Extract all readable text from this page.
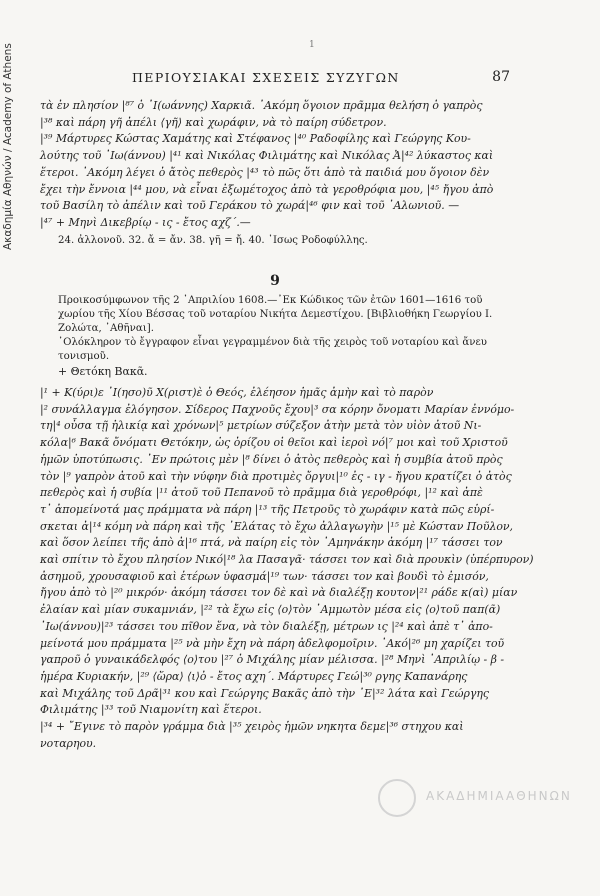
1
Ακαδημία Αθηνών / Academy of Athens	ΠΕΡΙΟΥΣΙΑΚΑΙ ΣΧΕΣΕΙΣ ΣΥΖΥΓΩΝ	87
τὰ ἐν πλησίον |⁸⁷ ὁ ᾽Ι(ωάννης) Χαρκιᾶ. ᾽Ακόμη ὅγοιον πρᾶμμα θελήση ὁ γαπρὸς
|³⁸ καὶ πάρη γῆ ἀπέλι ⟨γῆ⟩ καὶ χωράφιν, νὰ τὸ παίρη σύδετρον.
|³⁹ Μάρτυρες Κώστας Χαμάτης καὶ Στέφανος |⁴⁰ Ραδοφίλης καὶ Γεώργης Κου-
λούτης τοῦ ᾽Ιω(άννου) |⁴¹ καὶ Νικόλας Φιλιμάτης καὶ Νικόλας Ἀ|⁴² λύκαστος καὶ
ἕτεροι. ᾽Ακόμη λέγει ὁ ἄτὸς πεθερὸς |⁴³ τὸ πῶς ὅτι ἀπὸ τὰ παιδιά μου ὅγοιον δὲν
ἔχει τὴν ἔννοια |⁴⁴ μου, νὰ εἶναι ἐξωμέτοχος ἀπὸ τὰ γεροθρόφια μου, |⁴⁵ ἤγου ἀπὸ
τοῦ Βασίλη τὸ ἀπέλιν καὶ τοῦ Γεράκου τὸ χωρά|⁴⁶ φιν καὶ τοῦ ᾽Αλωνιοῦ. —
|⁴⁷ + Μηνὶ Δικεβρίῳ - ις - ἔτος αχζ΄.—
24. ἀλλονοῦ. 32. ἄ = ἄν. 38. γῆ = ἤ. 40. ᾽Ισως Ροδοφύλλης.
9
Προικοσύμφωνον τῆς 2 ᾽Απριλίου 1608.—᾽Εκ Κώδικος τῶν ἐτῶν 1601—1616 τοῦ
χωρίου τῆς Χίου Βέσσας τοῦ νοταρίου Νικήτα Δεμεστίχου. [Βιβλιοθήκη Γεωργίου Ι.
Ζολώτα, ᾽Αθῆναι].
᾽Ολόκληρον τὸ ἔγγραφον εἶναι γεγραμμένον διὰ τῆς χειρὸς τοῦ νοταρίου καὶ ἄνευ
τονισμοῦ.
+ Θετόκη Βακᾶ.
|¹ + Κ(ύρι)ε ᾽Ι(ησο)ῦ Χ(ριστ)ὲ ὁ Θεός, ἐλέησον ἡμᾶς ἀμὴν καὶ τὸ παρὸν
|² συνάλλαγμα ἐλόγησον. Σίδερος Παχνοῦς ἔχου|³ σα κόρην ὄνοματι Μαρίαν ἐννόμο-
τη|⁴ οὖσα τῇ ἡλικίᾳ καὶ χρόνων|⁵ μετρίων σύζεξον ἀτὴν μετὰ τὸν υἱὸν ἀτοῦ Νι-
κόλα|⁶ Βακᾶ ὄνόματι Θετόκην, ὡς ὁρίζου οἱ θεῖοι καὶ ἱεροὶ νό|⁷ μοι καὶ τοῦ Χριστοῦ
ἡμῶν ὑποτύπωσις. ᾽Εν πρώτοις μὲν |⁸ δίνει ὁ ἀτὸς πεθερὸς καὶ ἡ συμβία ἀτοῦ πρὸς
τὸν |⁹ γαπρὸν ἀτοῦ καὶ τὴν νύφην διὰ προτιμὲς ὄργυι|¹⁰ ἐς - ιγ - ἤγου κρατίζει ὁ ἀτὸς
πεθερὸς καὶ ἡ συβία |¹¹ ἀτοῦ τοῦ Πεπανοῦ τὸ πρᾶμμα διὰ γεροθρόφι, |¹² καὶ ἀπὲ
τ᾽ ἀπομείνοτά μας πράμματα νὰ πάρη |¹³ τῆς Πετροῦς τὸ χωράφιν κατὰ πῶς εὑρί-
σκεται ἀ|¹⁴ κόμη νὰ πάρη καὶ τῆς ᾽Ελάτας τὸ ἔχω ἀλλαγωγὴν |¹⁵ μὲ Κώσταν Ποῦλον,
καὶ ὅσον λείπει τῆς ἀπὸ ἀ|¹⁶ πτά, νὰ παίρη εἰς τὸν ᾽Αμηνάκην ἀκόμη |¹⁷ τάσσει τον
καὶ σπίτιν τὸ ἔχου πλησίον Νικό|¹⁸ λα Πασαγᾶ· τάσσει τον καὶ διὰ προυκὶν (ὑπέρπυρον)
ἀσημοῦ, χρουσαφιοῦ καὶ ἑτέρων ὑφασμά|¹⁹ των· τάσσει τον καὶ βουδὶ τὸ ἐμισόν,
ἤγου ἀπὸ τὸ |²⁰ μικρόν· ἀκόμη τάσσει τον δὲ καὶ νὰ διαλέξῃ κουτον|²¹ ράδε κ(αὶ) μίαν
ἐλαίαν καὶ μίαν συκαμνιάν, |²² τὰ ἔχω εἰς ⟨ο⟩τὸν ᾽Αμμωτὸν μέσα εἰς ⟨ο⟩τοῦ παπ(ᾶ)
᾽Ιω(άννου)|²³ τάσσει του πῖθον ἕνα, νὰ τὸν διαλέξῃ, μέτρων ις |²⁴ καὶ ἀπὲ τ᾽ ἀπο-
μείνοτά μου πράμματα |²⁵ νὰ μὴν ἔχη νὰ πάρη ἀδελφομοῖριν. ᾽Ακό|²⁶ μη χαρίζει τοῦ
γαπροῦ ὁ γυναικάδελφός ⟨ο⟩του |²⁷ ὁ Μιχάλης μίαν μέλισσα. |²⁸ Μηνὶ ᾽Απριλίῳ - β -
ἡμέρα Κυριακήν, |²⁹ ⟨ὥρα⟩ ⟨ι⟩ὀ - ἔτος αχη΄. Μάρτυρες Γεώ|³⁰ ργης Καπανάρης
καὶ Μιχάλης τοῦ Δρᾶ|³¹ κου καὶ Γεώργης Βακᾶς ἀπὸ τὴν ᾽Ε|³² λάτα καὶ Γεώργης
Φιλιμάτης |³³ τοῦ Νιαμονίτη καὶ ἕτεροι.
|³⁴ + ῎Εγινε τὸ παρὸν γράμμα διὰ |³⁵ χειρὸς ἡμῶν νηκητα δεμε|³⁶ στηχου καὶ
νοταρηου.
ΑΚΑΔΗΜΙΑ ΑΘΗΝΩΝ
